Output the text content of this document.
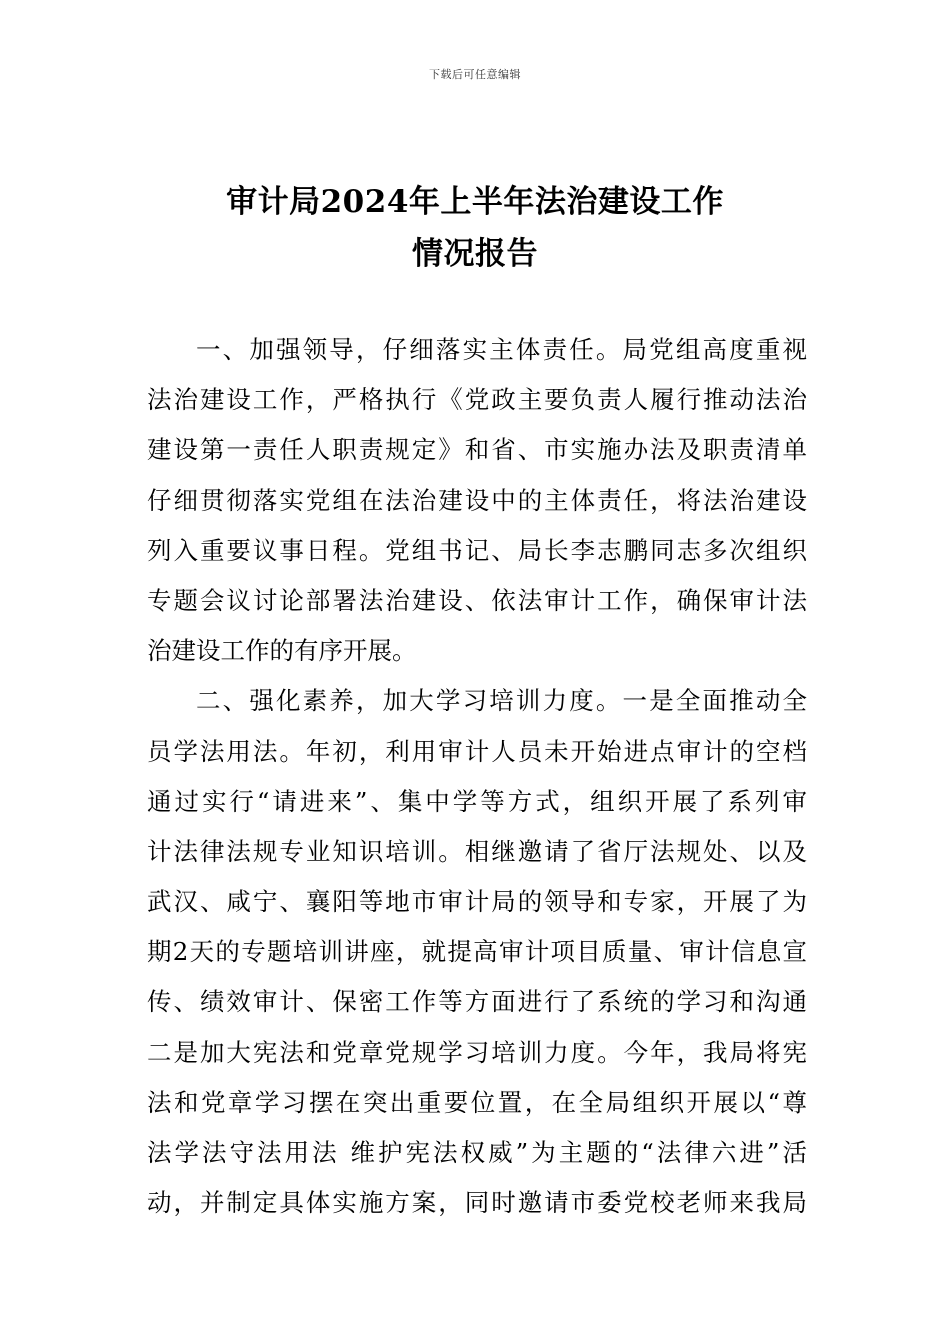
下载后可任意编辑
审计局2024年上半年法治建设工作
情况报告
一、加强领导，仔细落实主体责任。局党组高度重视
法治建设工作，严格执行《党政主要负责人履行推动法治
建设第一责任人职责规定》和省、市实施办法及职责清单
仔细贯彻落实党组在法治建设中的主体责任，将法治建设
列入重要议事日程。党组书记、局长李志鹏同志多次组织
专题会议讨论部署法治建设、依法审计工作，确保审计法
治建设工作的有序开展。
二、强化素养，加大学习培训力度。一是全面推动全
员学法用法。年初，利用审计人员未开始进点审计的空档
通过实行“请进来”、集中学等方式，组织开展了系列审
计法律法规专业知识培训。相继邀请了省厅法规处、以及
武汉、咸宁、襄阳等地市审计局的领导和专家，开展了为
期2天的专题培训讲座，就提高审计项目质量、审计信息宣
传、绩效审计、保密工作等方面进行了系统的学习和沟通
二是加大宪法和党章党规学习培训力度。今年，我局将宪
法和党章学习摆在突出重要位置，在全局组织开展以“尊
法学法守法用法 维护宪法权威”为主题的“法律六进”活
动，并制定具体实施方案，同时邀请市委党校老师来我局
